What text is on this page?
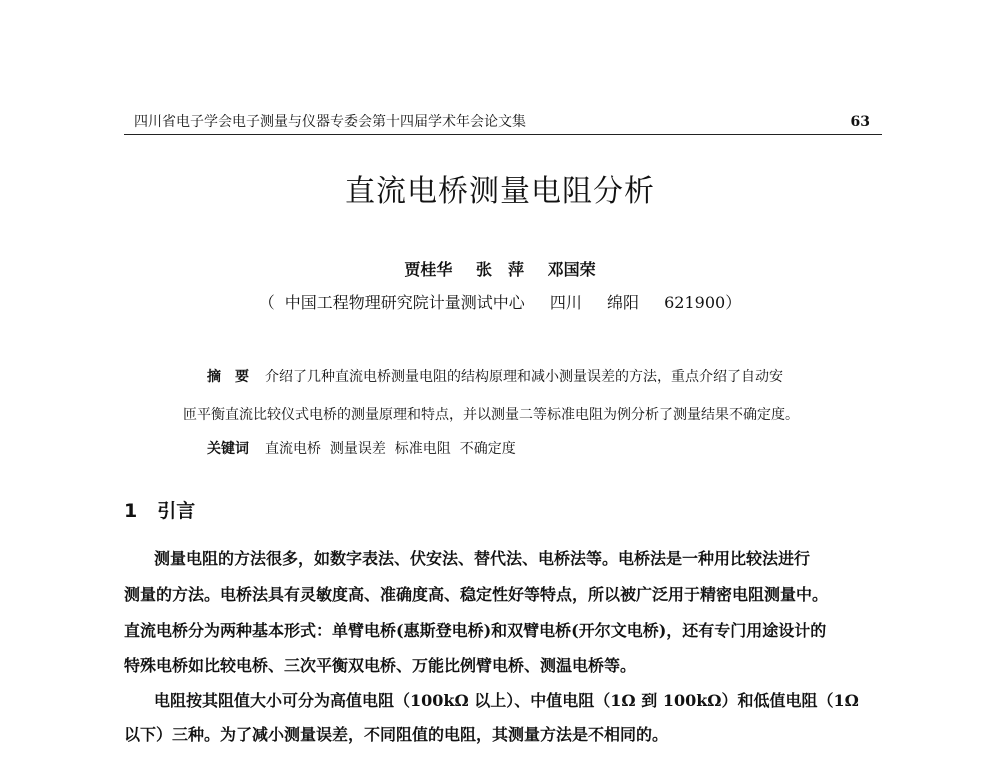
四川省电子学会电子测量与仪器专委会第十四届学术年会论文集	63
直流电桥测量电阻分析
贾桂华 张　萍 邓国荣
（ 中国工程物理研究院计量测试中心 四川 绵阳 621900）
摘　要 介绍了几种直流电桥测量电阻的结构原理和减小测量误差的方法，重点介绍了自动安
匝平衡直流比较仪式电桥的测量原理和特点，并以测量二等标准电阻为例分析了测量结果不确定度。
关键词 直流电桥  测量误差  标准电阻  不确定度
1 引言
测量电阻的方法很多，如数字表法、伏安法、替代法、电桥法等。电桥法是一种用比较法进行
测量的方法。电桥法具有灵敏度高、准确度高、稳定性好等特点，所以被广泛用于精密电阻测量中。
直流电桥分为两种基本形式：单臂电桥(惠斯登电桥)和双臂电桥(开尔文电桥)，还有专门用途设计的
特殊电桥如比较电桥、三次平衡双电桥、万能比例臂电桥、测温电桥等。
电阻按其阻值大小可分为高值电阻（100kΩ 以上）、中值电阻（1Ω 到 100kΩ）和低值电阻（1Ω
以下）三种。为了减小测量误差，不同阻值的电阻，其测量方法是不相同的。
